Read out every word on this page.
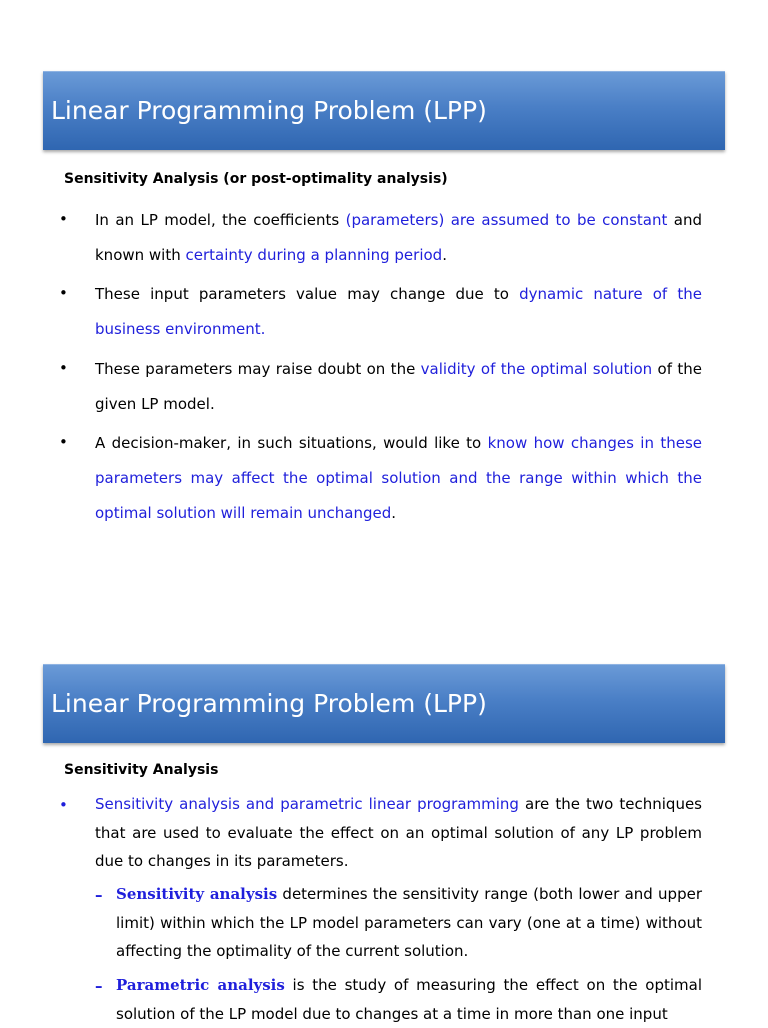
Linear Programming Problem (LPP)
Sensitivity Analysis (or post-optimality analysis)
• In an LP model, the coefficients (parameters) are assumed to be constant and known with certainty during a planning period.
• These input parameters value may change due to dynamic nature of the business environment.
• These parameters may raise doubt on the validity of the optimal solution of the given LP model.
• A decision-maker, in such situations, would like to know how changes in these parameters may affect the optimal solution and the range within which the optimal solution will remain unchanged.
Linear Programming Problem (LPP)
Sensitivity Analysis
• Sensitivity analysis and parametric linear programming are the two techniques that are used to evaluate the effect on an optimal solution of any LP problem due to changes in its parameters.
– Sensitivity analysis determines the sensitivity range (both lower and upper limit) within which the LP model parameters can vary (one at a time) without affecting the optimality of the current solution.
– Parametric analysis is the study of measuring the effect on the optimal solution of the LP model due to changes at a time in more than one input
